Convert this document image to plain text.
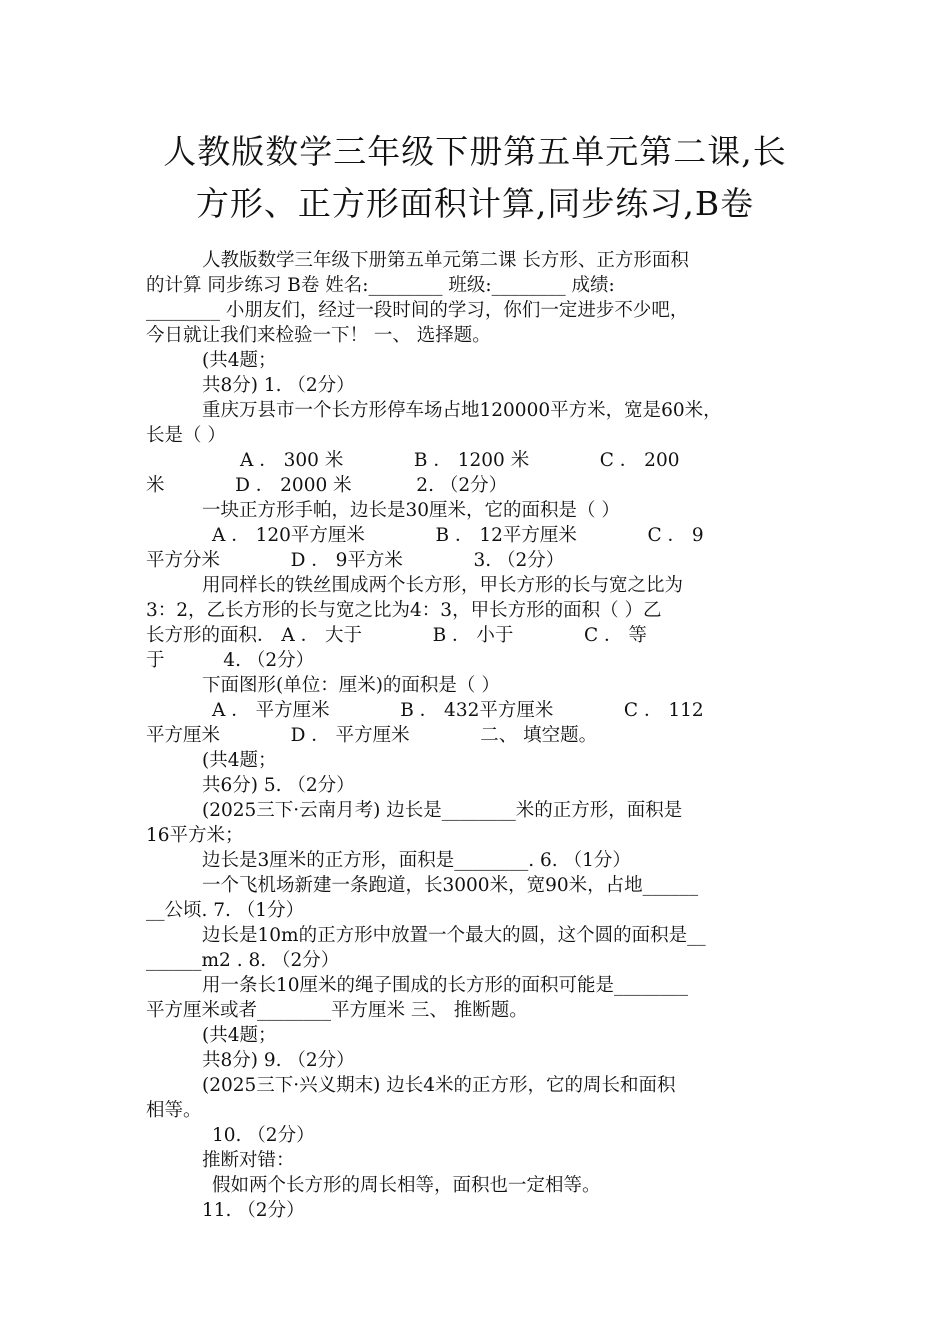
人教版数学三年级下册第五单元第二课,长
方形、正方形面积计算,同步练习,B卷
人教版数学三年级下册第五单元第二课 长方形、正方形面积
的计算 同步练习 B卷 姓名:________ 班级:________ 成绩:
________ 小朋友们，经过一段时间的学习，你们一定进步不少吧，
今日就让我们来检验一下！ 一、 选择题。
(共4题；
共8分) 1. （2分）
重庆万县市一个长方形停车场占地120000平方米，宽是60米，
长是（ ）
A ． 300 米            B ． 1200 米            C ． 200
米            D ． 2000 米           2. （2分）
一块正方形手帕，边长是30厘米，它的面积是（ ）
A ． 120平方厘米            B ． 12平方厘米            C ． 9
平方分米            D ． 9平方米            3. （2分）
用同样长的铁丝围成两个长方形，甲长方形的长与宽之比为
3：2，乙长方形的长与宽之比为4：3，甲长方形的面积（ ）乙
长方形的面积． A ． 大于            B ． 小于            C ． 等
于          4. （2分）
下面图形(单位：厘米)的面积是（ ）
A ． 平方厘米            B ． 432平方厘米            C ． 112
平方厘米            D ． 平方厘米            二、 填空题。
(共4题；
共6分) 5. （2分）
(2025三下·云南月考) 边长是________米的正方形，面积是
16平方米；
边长是3厘米的正方形，面积是________. 6. （1分）
一个飞机场新建一条跑道，长3000米，宽90米，占地______
__公顷. 7. （1分）
边长是10m的正方形中放置一个最大的圆，这个圆的面积是__
______m2 . 8. （2分）
用一条长10厘米的绳子围成的长方形的面积可能是________
平方厘米或者________平方厘米 三、 推断题。
(共4题；
共8分) 9. （2分）
(2025三下·兴义期末) 边长4米的正方形，它的周长和面积
相等。
10. （2分）
推断对错：
假如两个长方形的周长相等，面积也一定相等。
11. （2分）
